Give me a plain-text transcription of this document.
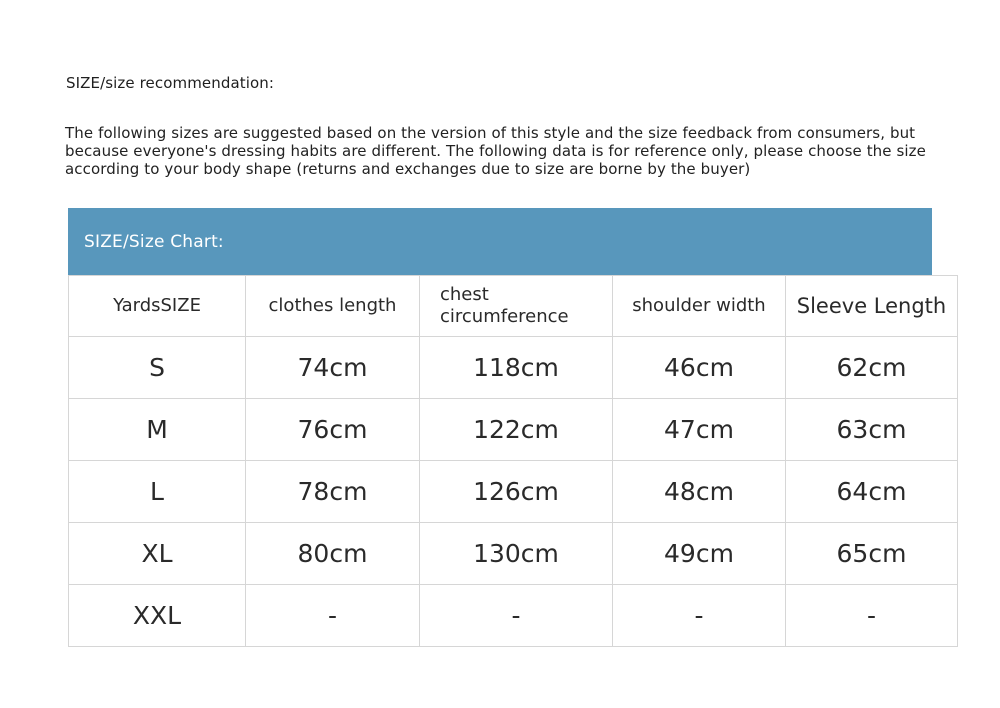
SIZE/size recommendation:
The following sizes are suggested based on the version of this style and the size feedback from consumers, but because everyone's dressing habits are different. The following data is for reference only, please choose the size according to your body shape (returns and exchanges due to size are borne by the buyer)
SIZE/Size Chart:
YardsSIZE	clothes length	chest circumference	shoulder width	Sleeve Length
S	74cm	118cm	46cm	62cm
M	76cm	122cm	47cm	63cm
L	78cm	126cm	48cm	64cm
XL	80cm	130cm	49cm	65cm
XXL	-	-	-	-
